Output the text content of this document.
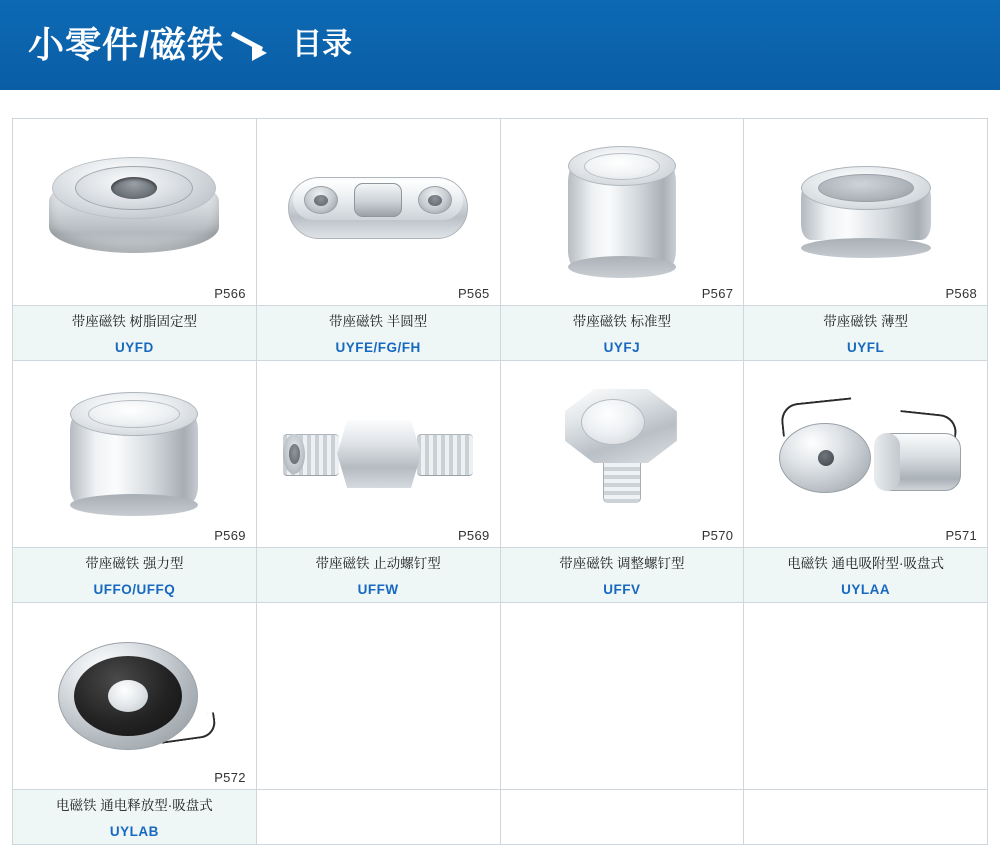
小零件/磁铁 目录
P566
带座磁铁 树脂固定型
UYFD
P565
带座磁铁 半圆型
UYFE/FG/FH
P567
带座磁铁 标准型
UYFJ
P568
带座磁铁 薄型
UYFL
P569
带座磁铁 强力型
UFFO/UFFQ
P569
带座磁铁 止动螺钉型
UFFW
P570
带座磁铁 调整螺钉型
UFFV
P571
电磁铁 通电吸附型·吸盘式
UYLAA
P572
电磁铁 通电释放型·吸盘式
UYLAB
